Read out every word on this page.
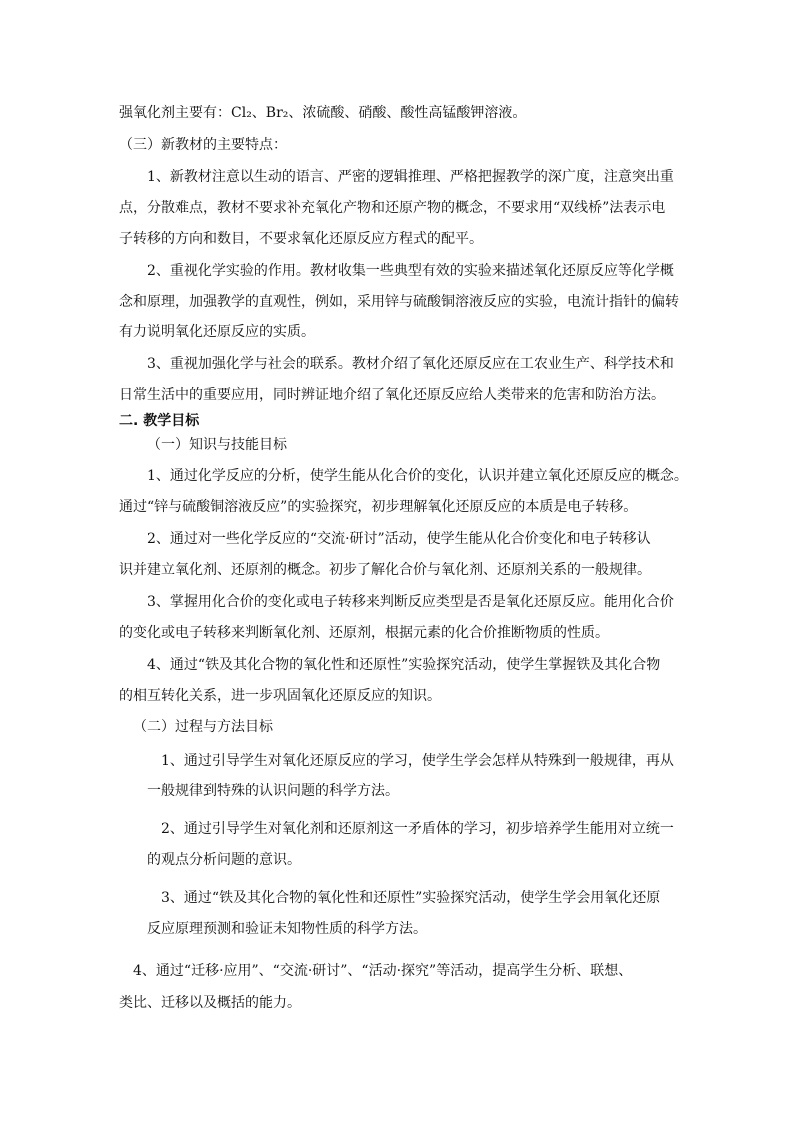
强氧化剂主要有：Cl₂、Br₂、浓硫酸、硝酸、酸性高锰酸钾溶液。
（三）新教材的主要特点：
1、新教材注意以生动的语言、严密的逻辑推理、严格把握教学的深广度，注意突出重
点，分散难点，教材不要求补充氧化产物和还原产物的概念，不要求用“双线桥”法表示电
子转移的方向和数目，不要求氧化还原反应方程式的配平。
2、重视化学实验的作用。教材收集一些典型有效的实验来描述氧化还原反应等化学概
念和原理，加强教学的直观性，例如，采用锌与硫酸铜溶液反应的实验，电流计指针的偏转
有力说明氧化还原反应的实质。
3、重视加强化学与社会的联系。教材介绍了氧化还原反应在工农业生产、科学技术和
日常生活中的重要应用，同时辨证地介绍了氧化还原反应给人类带来的危害和防治方法。
二. 教学目标
（一）知识与技能目标
1、通过化学反应的分析，使学生能从化合价的变化，认识并建立氧化还原反应的概念。
通过“锌与硫酸铜溶液反应”的实验探究，初步理解氧化还原反应的本质是电子转移。
2、通过对一些化学反应的“交流·研讨”活动，使学生能从化合价变化和电子转移认
识并建立氧化剂、还原剂的概念。初步了解化合价与氧化剂、还原剂关系的一般规律。
3、掌握用化合价的变化或电子转移来判断反应类型是否是氧化还原反应。能用化合价
的变化或电子转移来判断氧化剂、还原剂，根据元素的化合价推断物质的性质。
4、通过“铁及其化合物的氧化性和还原性”实验探究活动，使学生掌握铁及其化合物
的相互转化关系，进一步巩固氧化还原反应的知识。
（二）过程与方法目标
1、通过引导学生对氧化还原反应的学习，使学生学会怎样从特殊到一般规律，再从
一般规律到特殊的认识问题的科学方法。
2、通过引导学生对氧化剂和还原剂这一矛盾体的学习，初步培养学生能用对立统一
的观点分析问题的意识。
3、通过“铁及其化合物的氧化性和还原性”实验探究活动，使学生学会用氧化还原
反应原理预测和验证未知物性质的科学方法。
4、通过“迁移·应用”、“交流·研讨”、“活动·探究”等活动，提高学生分析、联想、
类比、迁移以及概括的能力。
